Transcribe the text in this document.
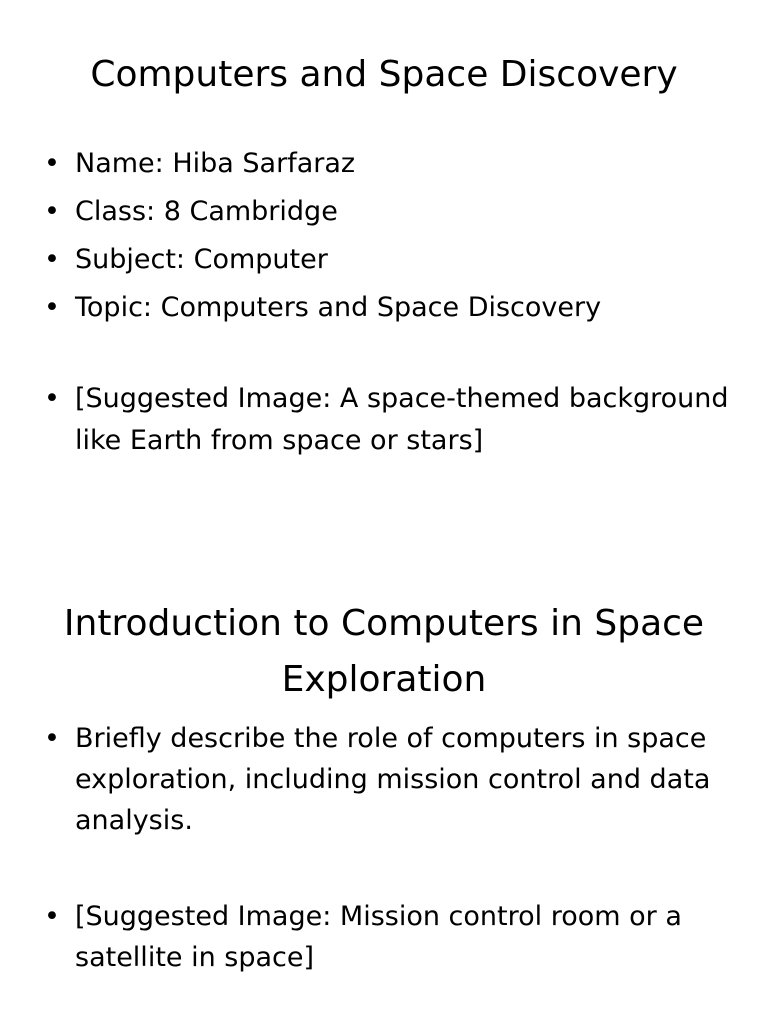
Computers and Space Discovery
• Name: Hiba Sarfaraz
• Class: 8 Cambridge
• Subject: Computer
• Topic: Computers and Space Discovery
• [Suggested Image: A space-themed background like Earth from space or stars]
Introduction to Computers in Space Exploration
• Briefly describe the role of computers in space exploration, including mission control and data analysis.
• [Suggested Image: Mission control room or a satellite in space]
